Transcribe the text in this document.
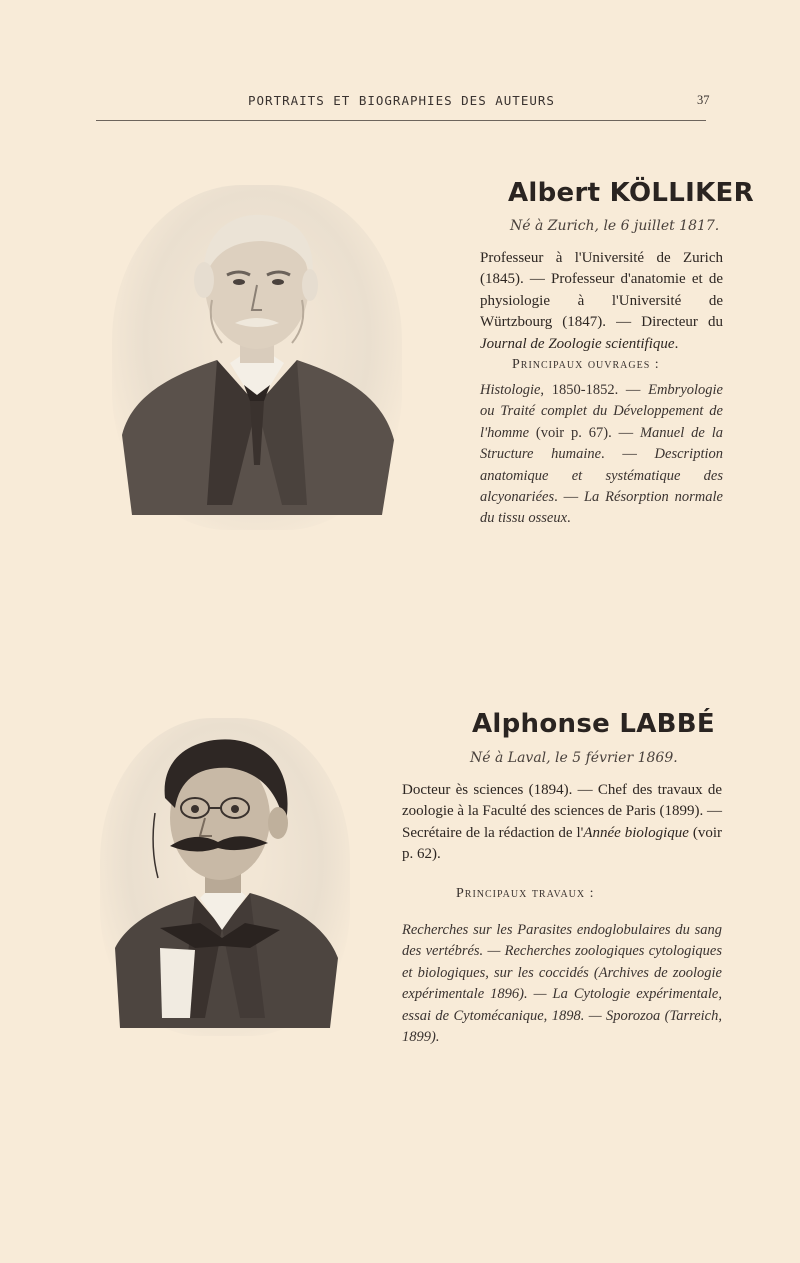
PORTRAITS ET BIOGRAPHIES DES AUTEURS	37
Albert KÖLLIKER
Né à Zurich, le 6 juillet 1817.
Professeur à l'Université de Zurich (1845). — Professeur d'anatomie et de physiologie à l'Université de Würtzbourg (1847). — Directeur du Journal de Zoologie scientifique.
Principaux ouvrages :
Histologie, 1850-1852. — Embryologie ou Traité complet du Développement de l'homme (voir p. 67). — Manuel de la Structure humaine. — Description anatomique et systématique des alcyonariées. — La Résorption normale du tissu osseux.
Alphonse LABBÉ
Né à Laval, le 5 février 1869.
Docteur ès sciences (1894). — Chef des travaux de zoologie à la Faculté des sciences de Paris (1899). — Secrétaire de la rédaction de l'Année biologique (voir p. 62).
Principaux travaux :
Recherches sur les Parasites endoglobulaires du sang des vertébrés. — Recherches zoologiques cytologiques et biologiques, sur les coccidés (Archives de zoologie expérimentale 1896). — La Cytologie expérimentale, essai de Cytomécanique, 1898. — Sporozoa (Tarreich, 1899).
